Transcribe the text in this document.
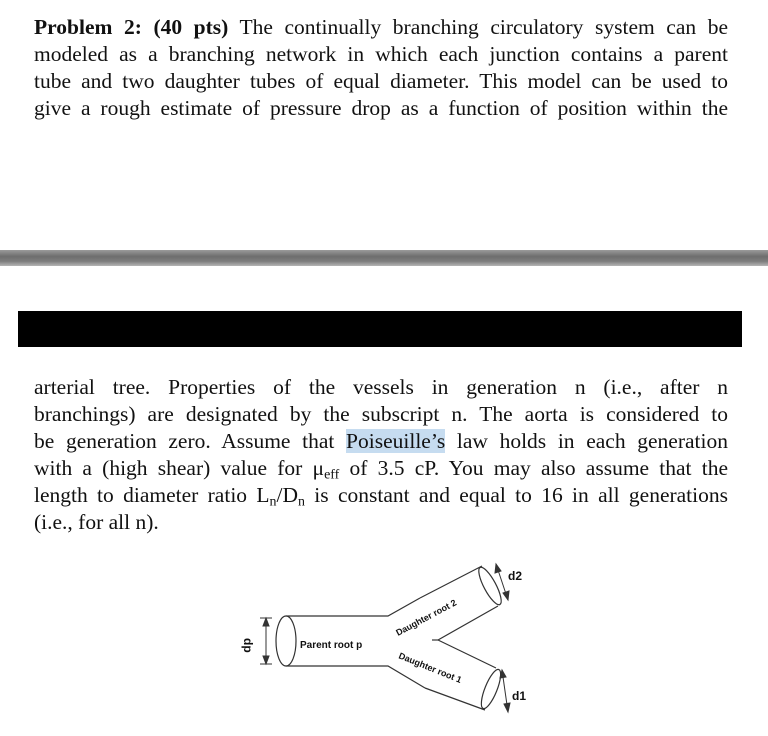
Problem 2: (40 pts) The continually branching circulatory system can be
modeled as a branching network in which each junction contains a parent
tube and two daughter tubes of equal diameter. This model can be used to
give a rough estimate of pressure drop as a function of position within the
arterial tree. Properties of the vessels in generation n (i.e., after n
branchings) are designated by the subscript n. The aorta is considered to
be generation zero. Assume that Poiseuille’s law holds in each generation
with a (high shear) value for $\mu_{eff}$ of 3.5 cP. You may also assume that the
length to diameter ratio $L_n/D_n$ is constant and equal to 16 in all generations
(i.e., for all n).
dp	Parent root p
Daughter root 2
Daughter root 1
d2
d1
